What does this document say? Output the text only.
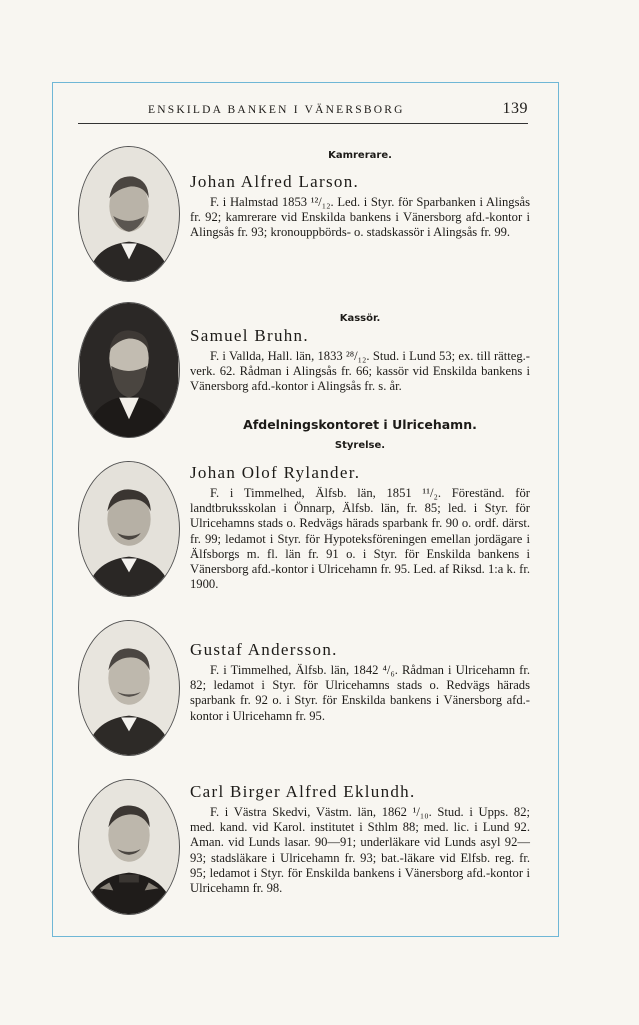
ENSKILDA BANKEN I VÄNERSBORG	139
Kamrerare.
Kassör.
Afdelningskontoret i Ulricehamn.
Styrelse.
Johan Alfred Larson.

F. i Halmstad 1853 ¹²/₁₂. Led. i Styr. för Sparbanken i Alingsås fr. 92; kamrerare vid Enskilda bankens i Vänersborg afd.-kontor i Alingsås fr. 93; kronouppbörds- o. stadskassör i Alingsås fr. 99.

Samuel Bruhn.

F. i Vallda, Hall. län, 1833 ²⁸/₁₂. Stud. i Lund 53; ex. till rätteg.-verk. 62. Rådman i Alingsås fr. 66; kassör vid Enskilda bankens i Vänersborg afd.-kontor i Alingsås fr. s. år.

Johan Olof Rylander.

F. i Timmelhed, Älfsb. län, 1851 ¹¹/₂. Föreständ. för landtbruksskolan i Önnarp, Älfsb. län, fr. 85; led. i Styr. för Ulricehamns stads o. Redvägs härads sparbank fr. 90 o. ordf. därst. fr. 99; ledamot i Styr. för Hypoteksföreningen emellan jordägare i Älfsborgs m. fl. län fr. 91 o. i Styr. för Enskilda bankens i Vänersborg afd.-kontor i Ulricehamn fr. 95. Led. af Riksd. 1:a k. fr. 1900.

Gustaf Andersson.

F. i Timmelhed, Älfsb. län, 1842 ⁴/₆. Rådman i Ulricehamn fr. 82; ledamot i Styr. för Ulricehamns stads o. Redvägs härads sparbank fr. 92 o. i Styr. för Enskilda bankens i Vänersborg afd.-kontor i Ulricehamn fr. 95.

Carl Birger Alfred Eklundh.

F. i Västra Skedvi, Västm. län, 1862 ¹/₁₀. Stud. i Upps. 82; med. kand. vid Karol. institutet i Sthlm 88; med. lic. i Lund 92. Aman. vid Lunds lasar. 90—91; underläkare vid Lunds asyl 92—93; stadsläkare i Ulricehamn fr. 93; bat.-läkare vid Elfsb. reg. fr. 95; ledamot i Styr. för Enskilda bankens i Vänersborg afd.-kontor i Ulricehamn fr. 98.
